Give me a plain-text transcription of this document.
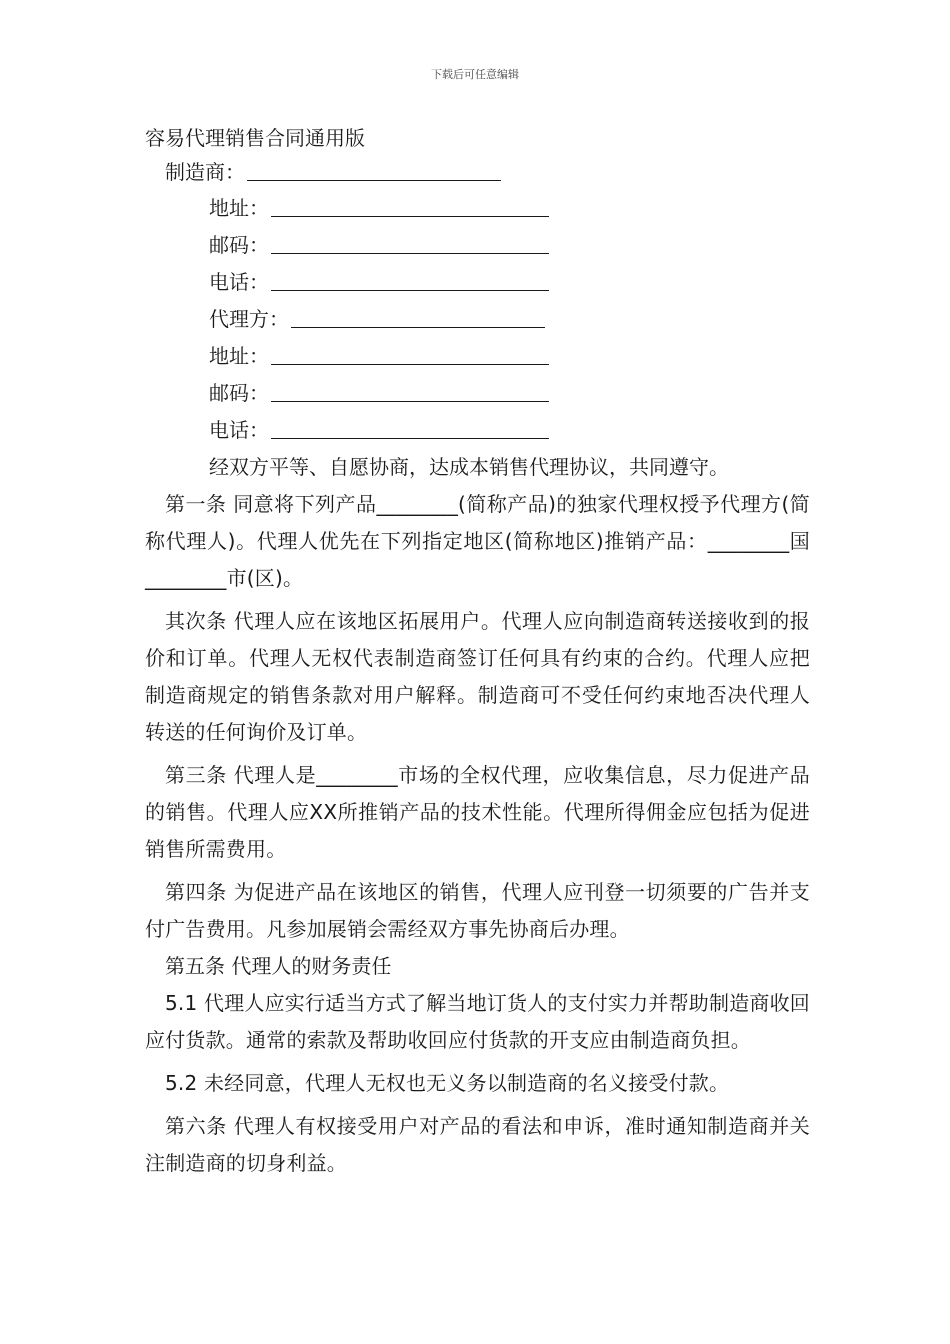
下载后可任意编辑
容易代理销售合同通用版
制造商：
地址：
邮码：
电话：
代理方：
地址：
邮码：
电话：
经双方平等、自愿协商，达成本销售代理协议，共同遵守。

第一条 同意将下列产品________(简称产品)的独家代理权授予代理方(简称代理人)。代理人优先在下列指定地区(简称地区)推销产品：________国________市(区)。

其次条 代理人应在该地区拓展用户。代理人应向制造商转送接收到的报价和订单。代理人无权代表制造商签订任何具有约束的合约。代理人应把制造商规定的销售条款对用户解释。制造商可不受任何约束地否决代理人转送的任何询价及订单。

第三条 代理人是________市场的全权代理，应收集信息，尽力促进产品的销售。代理人应XX所推销产品的技术性能。代理所得佣金应包括为促进销售所需费用。

第四条 为促进产品在该地区的销售，代理人应刊登一切须要的广告并支付广告费用。凡参加展销会需经双方事先协商后办理。

第五条 代理人的财务责任

5.1 代理人应实行适当方式了解当地订货人的支付实力并帮助制造商收回应付货款。通常的索款及帮助收回应付货款的开支应由制造商负担。

5.2 未经同意，代理人无权也无义务以制造商的名义接受付款。

第六条 代理人有权接受用户对产品的看法和申诉，准时通知制造商并关注制造商的切身利益。
